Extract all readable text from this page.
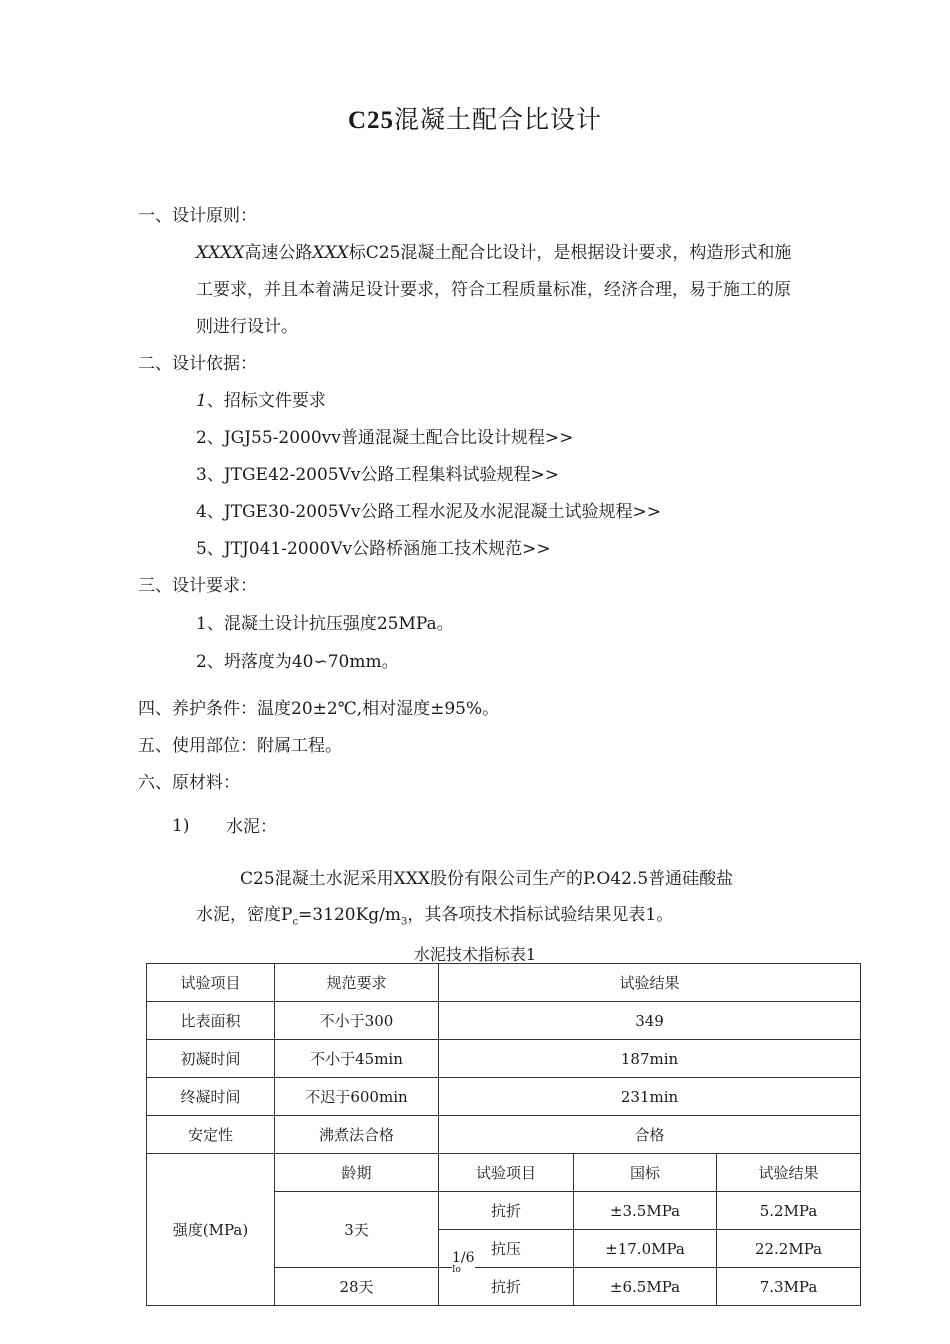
C25混凝土配合比设计
一、设计原则：
XXXX高速公路XXX标C25混凝土配合比设计，是根据设计要求，构造形式和施
工要求，并且本着满足设计要求，符合工程质量标准，经济合理，易于施工的原
则进行设计。
二、设计依据：
1、招标文件要求
2、JGJ55-2000vv普通混凝土配合比设计规程>>
3、JTGE42-2005Vv公路工程集料试验规程>>
4、JTGE30-2005Vv公路工程水泥及水泥混凝土试验规程>>
5、JTJ041-2000Vv公路桥涵施工技术规范>>
三、设计要求：
1、混凝土设计抗压强度25MPa。
2、坍落度为40∽70mm。
四、养护条件：温度20±2℃,相对湿度±95%。
五、使用部位：附属工程。
六、原材料：
1) 水泥：
C25混凝土水泥采用XXX股份有限公司生产的P.O42.5普通硅酸盐
水泥，密度$P_c=3120Kg/m_3$，其各项技术指标试验结果见表1。
水泥技术指标表1
试验项目	规范要求	试验结果		
比表面积	不小于300	349		
初凝时间	不小于45min	187min		
终凝时间	不迟于600min	231min		
安定性	沸煮法合格	合格		
强度(MPa)	龄期	试验项目	国标	试验结果
	3天	抗折	±3.5MPa	5.2MPa
		抗压	±17.0MPa	22.2MPa
	28天	抗折	±6.5MPa	7.3MPa
1/6
Ιo
